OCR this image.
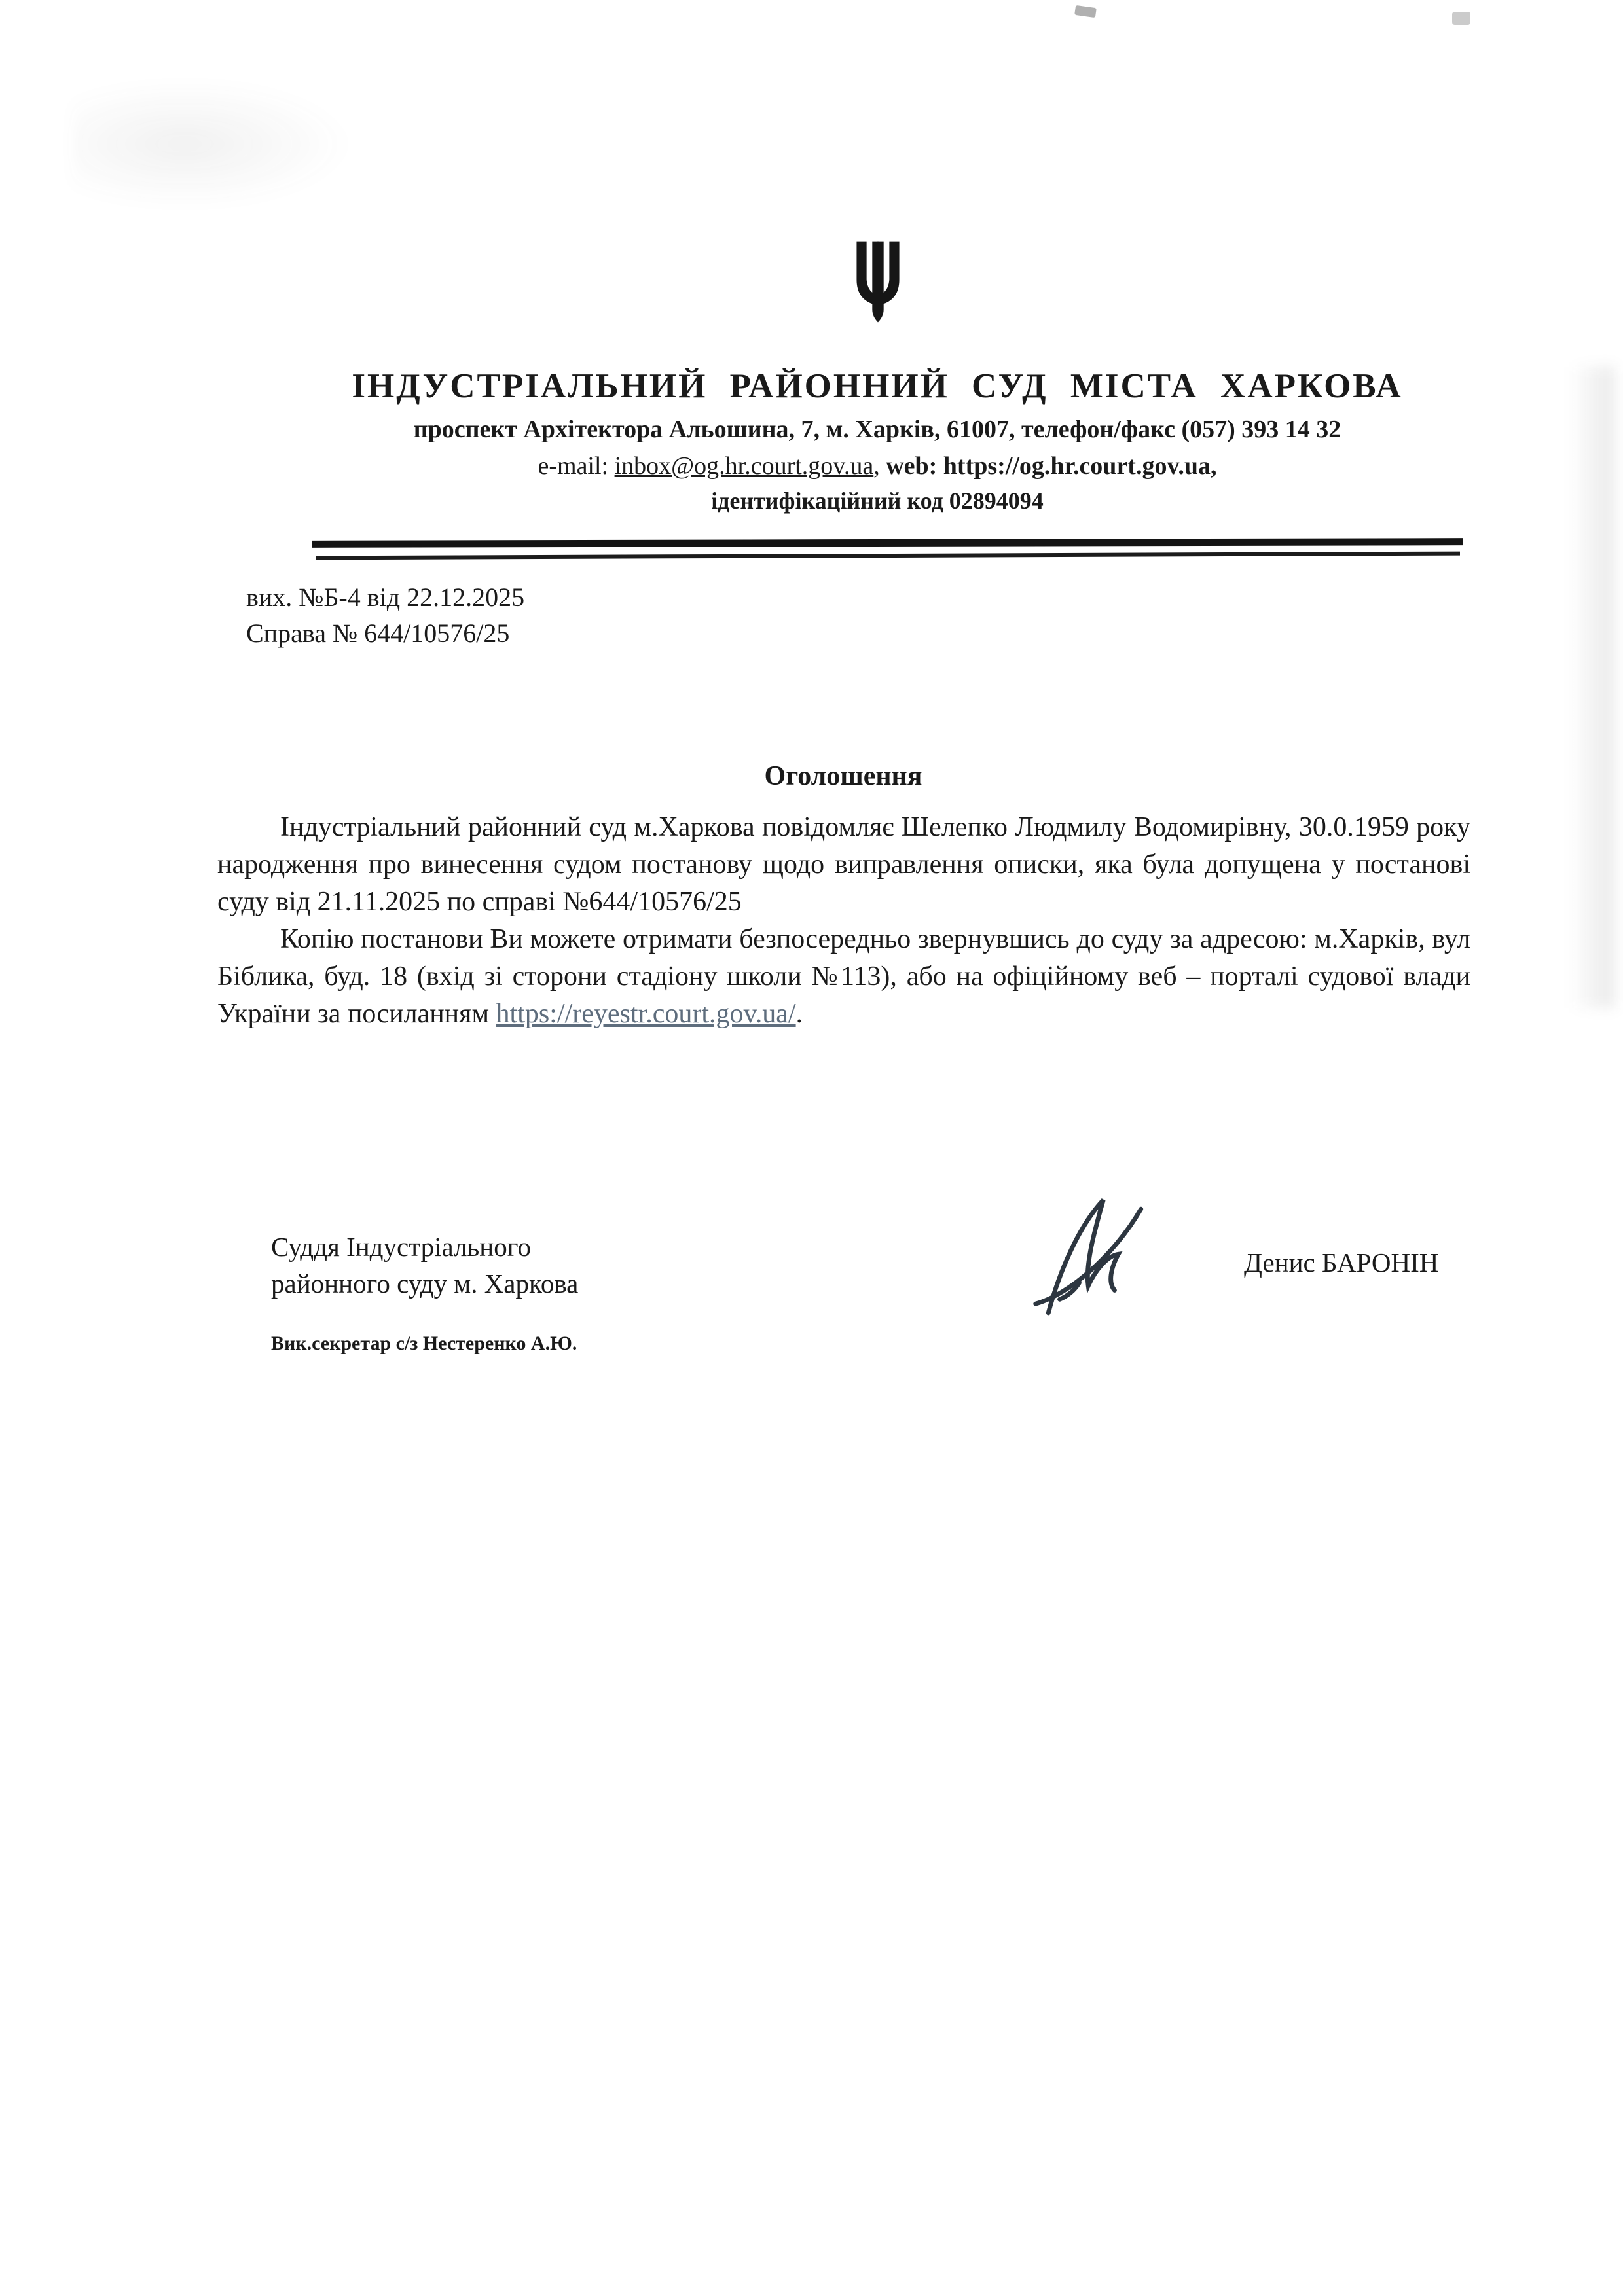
ІНДУСТРІАЛЬНИЙ РАЙОННИЙ СУД МІСТА ХАРКОВА
проспект Архітектора Альошина, 7, м. Харків, 61007, телефон/факс (057) 393 14 32
e-mail: inbox@og.hr.court.gov.ua, web: https://og.hr.court.gov.ua,
ідентифікаційний код 02894094
вих. №Б-4 від 22.12.2025
Справа № 644/10576/25
Оголошення

Індустріальний районний суд м.Харкова повідомляє Шелепко Людмилу Водомирівну, 30.0.1959 року народження про винесення судом постанову щодо виправлення описки, яка була допущена у постанові суду від 21.11.2025 по справі №644/10576/25

Копію постанови Ви можете отримати безпосередньо звернувшись до суду за адресою: м.Харків, вул Біблика, буд. 18 (вхід зі сторони стадіону школи №113), або на офіційному веб – порталі судової влади України за посиланням https://reyestr.court.gov.ua/.

Суддя Індустріального
районного суду м. Харкова
Денис БАРОНІН
Вик.секретар с/з Нестеренко А.Ю.
